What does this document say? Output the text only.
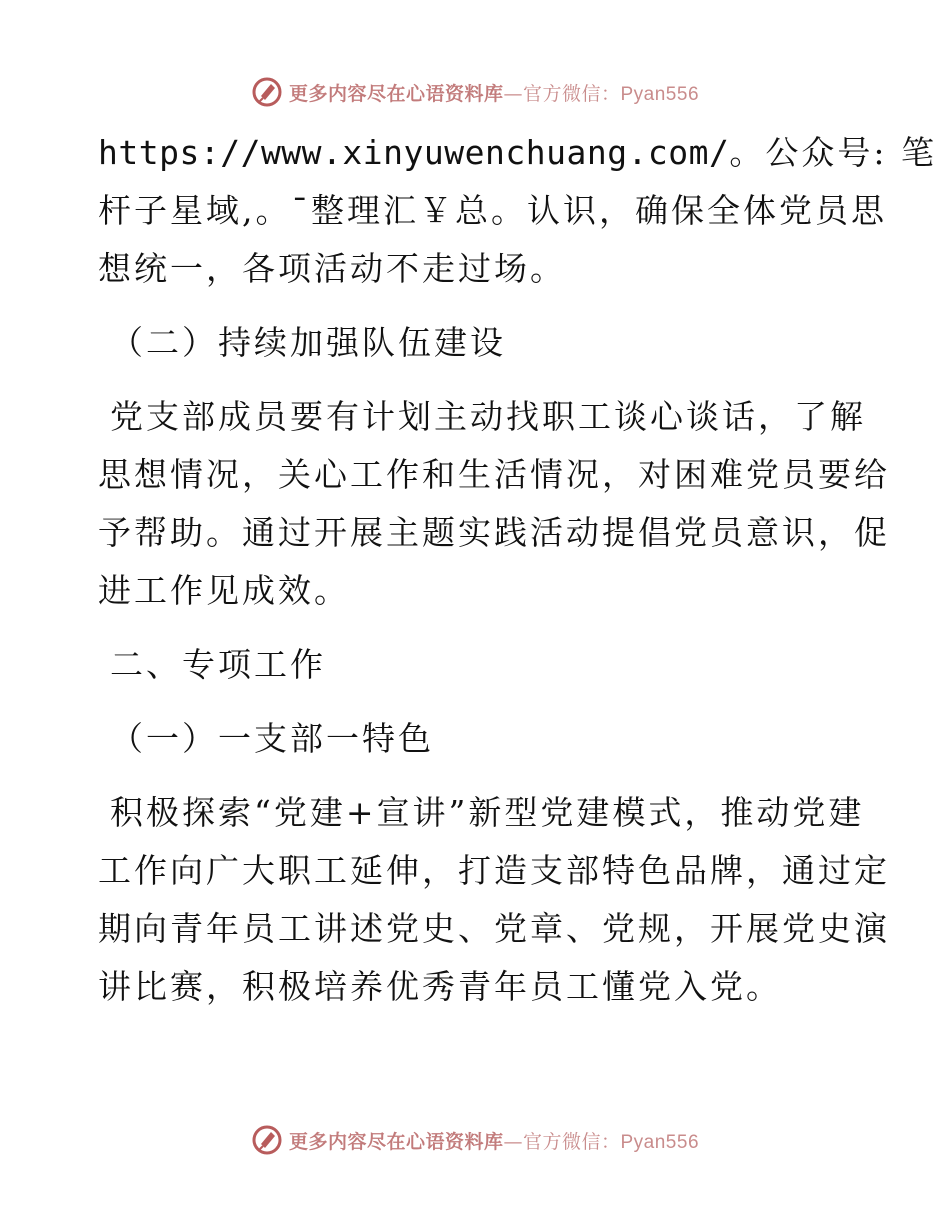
更多内容尽在心语资料库—官方微信：Pyan556
https://www.xinyuwenchuang.com/。公众号: 笔
杆子星域,。¯整理汇￥总。认识，确保全体党员思
想统一，各项活动不走过场。
（二）持续加强队伍建设
党支部成员要有计划主动找职工谈心谈话，了解
思想情况，关心工作和生活情况，对困难党员要给
予帮助。通过开展主题实践活动提倡党员意识，促
进工作见成效。
二、专项工作
（一）一支部一特色
积极探索“党建+宣讲”新型党建模式，推动党建
工作向广大职工延伸，打造支部特色品牌，通过定
期向青年员工讲述党史、党章、党规，开展党史演
讲比赛，积极培养优秀青年员工懂党入党。
更多内容尽在心语资料库—官方微信：Pyan556
